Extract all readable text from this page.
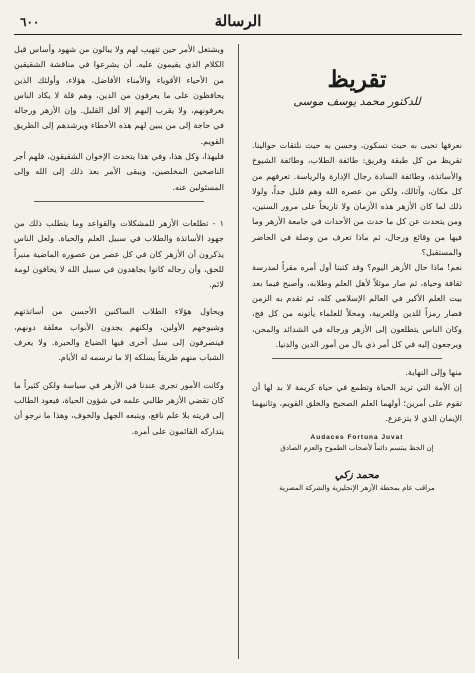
٦٠٠	الرسالة
تقريظ
للدكتور محمد يوسف موسى

نعرفها تحيى به حيث تسكون، وحسن به حيث نلتقات حوالينا. تقريظ من كل طبقة وفريق: طائفة الطلاب، وطائفة الشيوخ والأساتذة، وطائفة السادة رجال الإدارة والرياسة. تعرفهم من كل مكان، وآثالك، ولكن من عصره الله وهم قليل جداً، ولولا ذلك لما كان الأزهر هذه الأزمان ولا تاريخاً على مرور السنين، ومن يتحدث عن كل ما حدث من الأحداث في جامعة الأزهر وما فيها من وقائع ورجال، ثم ماذا تعرف من وصلة في الحاضر والمستقبل؟

نعم! ماذا حال الأزهر اليوم؟ وقد كتبنا أول أمره مقراً لمدرسة ثقافة وحياة، ثم صار موئلاً لأهل العلم وطلابه، وأصبح فيما بعد بيت العلم الأكبر في العالم الإسلامي كله، ثم تقدم به الزمن فصار رمزاً للدين وللعربية، ومحلاً للعلماء يأتونه من كل فج، وكان الناس يتطلعون إلى الأزهر ورجاله في الشدائد والمحن، ويرجعون إليه في كل أمر ذي بال من أمور الدين والدنيا.

منها وإلى النهاية.

إن الأمة التي تريد الحياة وتطمع في حياة كريمة لا بد لها أن تقوم على أمرين؛ أولهما العلم الصحيح والخلق القويم، وثانيهما الإيمان الذي لا يتزعزع.

Audaces Fortuna Juvat

إن الحظ يبتسم دائماً لأصحاب الطموح والعزم الصادق

محمد زكي
مراقب عام بمحطة الأزهر الإنجليزية والشركة المصرية

ويشتغل الأمر حين تتهيب لهم ولا يبالون من شهود وأساس قبل الكلام الذي يقيمون عليه. أن يشرعوا في مناقشة الشقيقين من الأحياء الأقوياء والأمناء الأفاضل، هؤلاء، وأولئك الذين يحافظون على ما يعرفون من الدين، وهم قلة لا يكاد الناس يعرفونهم، ولا يقرب إليهم إلا أقل القليل. وإن الأزهر ورجاله في حاجة إلى من يبين لهم هذه الأخطاء ويرشدهم إلى الطريق القويم.

فليهذا، وكل هذا، وفي هذا يتحدث الإخوان الشقيقون، فلهم أجر الناصحين المخلصين، ويبقى الأمر بعد ذلك إلى الله وإلى المسئولين عنه.

١ - تطلعات الأزهر للمشكلات والقواعد وما يتطلب ذلك من جهود الأساتذة والطلاب في سبيل العلم والحياة. ولعل الناس يذكرون أن الأزهر كان في كل عصر من عصوره الماضية منبراً للحق، وأن رجاله كانوا يجاهدون في سبيل الله لا يخافون لومة لائم.

ويحاول هؤلاء الطلاب الساكنين الأحسن من أساتذتهم وشيوخهم الأولين، ولكنهم يجدون الأبواب مغلقة دونهم، فينصرفون إلى سبل أخرى فيها الضياع والحيرة. ولا يعرف الشباب منهم طريقاً يسلكه إلا ما ترسمه له الأيام.

وكانت الأمور تجري عندنا في الأزهر في سياسة ولكن كثيراً ما كان تقضي الأزهر طالبي علمه في شؤون الحياة، فيعود الطالب إلى قريته بلا علم نافع، ويتبعه الجهل والخوف، وهذا ما نرجو أن يتداركه القائمون على أمره.
